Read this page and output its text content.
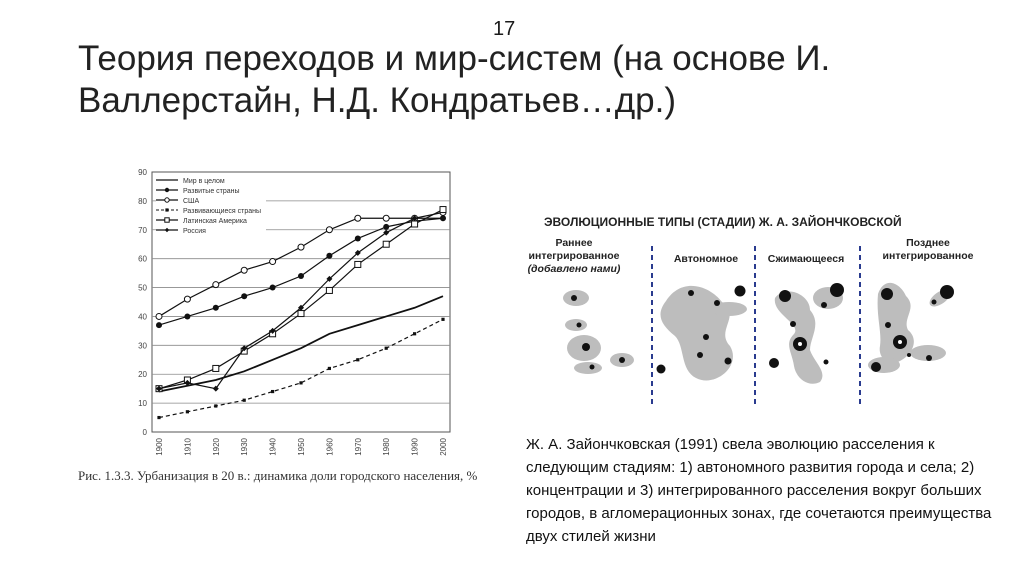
17
Теория переходов и мир-систем (на основе И. Валлерстайн, Н.Д. Кондратьев…др.)
0
10
20
30
40
50
60
70
80
90
1900 1910 1920 1930 1940 1950 1960 1970 1980 1990 2000
Мир в целом
Развитые страны
США
Развивающиеся страны
Латинская Америка
Россия
Рис. 1.3.3. Урбанизация в 20 в.: динамика доли городского населения, %
ЭВОЛЮЦИОННЫЕ ТИПЫ (СТАДИИ) Ж. А. ЗАЙОНЧКОВСКОЙ
Раннее
интегрированное
(добавлено нами)
Автономное	Сжимающееся
Позднее
интегрированное
Ж. А. Зайончковская (1991) свела эволюцию расселения к следующим стадиям: 1) автономного развития города и села; 2) концентрации и 3) интегрированного расселения вокруг больших городов, в агломерационных зонах, где сочетаются преимущества двух стилей жизни
